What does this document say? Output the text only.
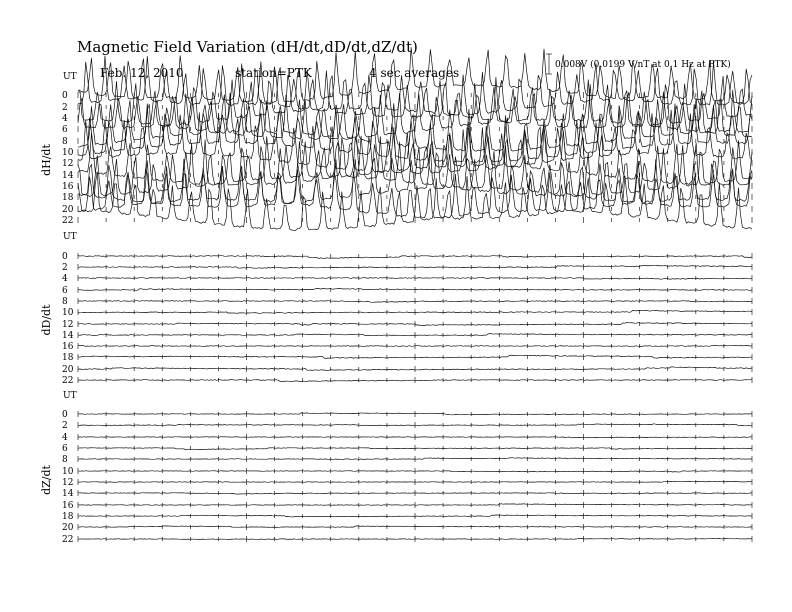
UT
dH/dt
0
2
4
6
8
10
12
14
16
18
20
22
UT
dD/dt
0
2
4
6
8
10
12
14
16
18
20
22
UT
dZ/dt
0
2
4
6
8
10
12
14
16
18
20
22
Magnetic Field Variation (dH/dt,dD/dt,dZ/dt)
Feb. 12, 2010	station=PTK	4 sec averages
0.008V (0.0199 V/nT at 0.1 Hz at PTK)
